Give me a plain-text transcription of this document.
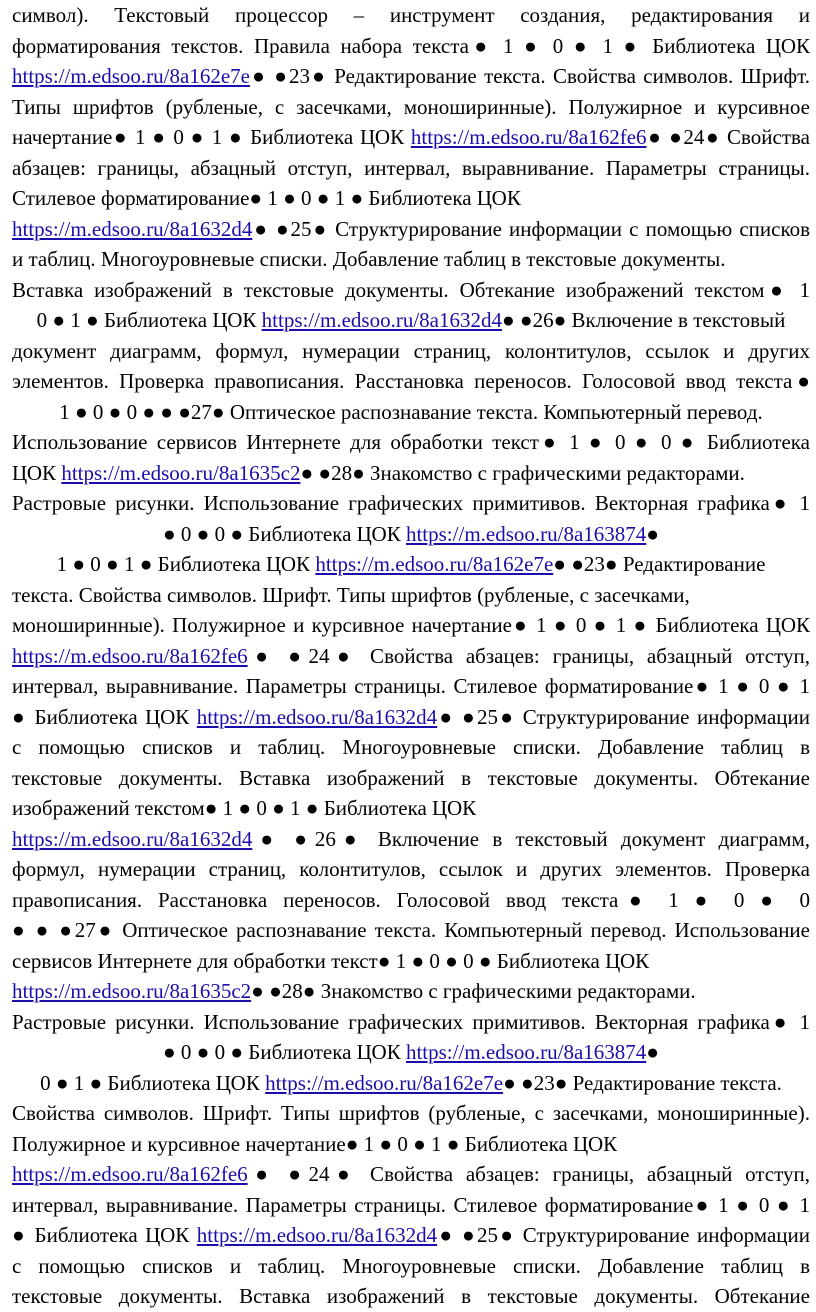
символ). Текстовый процессор – инструмент создания, редактирования и
форматирования текстов. Правила набора текста● 1 ● 0 ● 1 ● Библиотека ЦОК
https://m.edsoo.ru/8a162e7e● ●23● Редактирование текста. Свойства символов. Шрифт.
Типы шрифтов (рубленые, с засечками, моноширинные). Полужирное и курсивное
начертание● 1 ● 0 ● 1 ● Библиотека ЦОК https://m.edsoo.ru/8a162fe6● ●24● Свойства
абзацев: границы, абзацный отступ, интервал, выравнивание. Параметры страницы.
Стилевое форматирование● 1 ● 0 ● 1 ● Библиотека ЦОК
https://m.edsoo.ru/8a1632d4● ●25● Структурирование информации с помощью списков
и таблиц. Многоуровневые списки. Добавление таблиц в текстовые документы.
Вставка изображений в текстовые документы. Обтекание изображений текстом● 1
0 ● 1 ● Библиотека ЦОК https://m.edsoo.ru/8a1632d4● ●26● Включение в текстовый
документ диаграмм, формул, нумерации страниц, колонтитулов, ссылок и других
элементов. Проверка правописания. Расстановка переносов. Голосовой ввод текста●
1 ● 0 ● 0 ● ● ●27● Оптическое распознавание текста. Компьютерный перевод.
Использование сервисов Интернете для обработки текст● 1 ● 0 ● 0 ● Библиотека
ЦОК https://m.edsoo.ru/8a1635c2● ●28● Знакомство с графическими редакторами.
Растровые рисунки. Использование графических примитивов. Векторная графика● 1
● 0 ● 0 ● Библиотека ЦОК https://m.edsoo.ru/8a163874●
1 ● 0 ● 1 ● Библиотека ЦОК https://m.edsoo.ru/8a162e7e● ●23● Редактирование
текста. Свойства символов. Шрифт. Типы шрифтов (рубленые, с засечками,
моноширинные). Полужирное и курсивное начертание● 1 ● 0 ● 1 ● Библиотека ЦОК
https://m.edsoo.ru/8a162fe6● ●24● Свойства абзацев: границы, абзацный отступ,
интервал, выравнивание. Параметры страницы. Стилевое форматирование● 1 ● 0 ● 1
● Библиотека ЦОК https://m.edsoo.ru/8a1632d4● ●25● Структурирование информации
с помощью списков и таблиц. Многоуровневые списки. Добавление таблиц в
текстовые документы. Вставка изображений в текстовые документы. Обтекание
изображений текстом● 1 ● 0 ● 1 ● Библиотека ЦОК
https://m.edsoo.ru/8a1632d4● ●26● Включение в текстовый документ диаграмм,
формул, нумерации страниц, колонтитулов, ссылок и других элементов. Проверка
правописания. Расстановка переносов. Голосовой ввод текста● 1 ● 0 ● 0
● ● ●27● Оптическое распознавание текста. Компьютерный перевод. Использование
сервисов Интернете для обработки текст● 1 ● 0 ● 0 ● Библиотека ЦОК
https://m.edsoo.ru/8a1635c2● ●28● Знакомство с графическими редакторами.
Растровые рисунки. Использование графических примитивов. Векторная графика● 1
● 0 ● 0 ● Библиотека ЦОК https://m.edsoo.ru/8a163874●
0 ● 1 ● Библиотека ЦОК https://m.edsoo.ru/8a162e7e● ●23● Редактирование текста.
Свойства символов. Шрифт. Типы шрифтов (рубленые, с засечками, моноширинные).
Полужирное и курсивное начертание● 1 ● 0 ● 1 ● Библиотека ЦОК
https://m.edsoo.ru/8a162fe6● ●24● Свойства абзацев: границы, абзацный отступ,
интервал, выравнивание. Параметры страницы. Стилевое форматирование● 1 ● 0 ● 1
● Библиотека ЦОК https://m.edsoo.ru/8a1632d4● ●25● Структурирование информации
с помощью списков и таблиц. Многоуровневые списки. Добавление таблиц в
текстовые документы. Вставка изображений в текстовые документы. Обтекание
